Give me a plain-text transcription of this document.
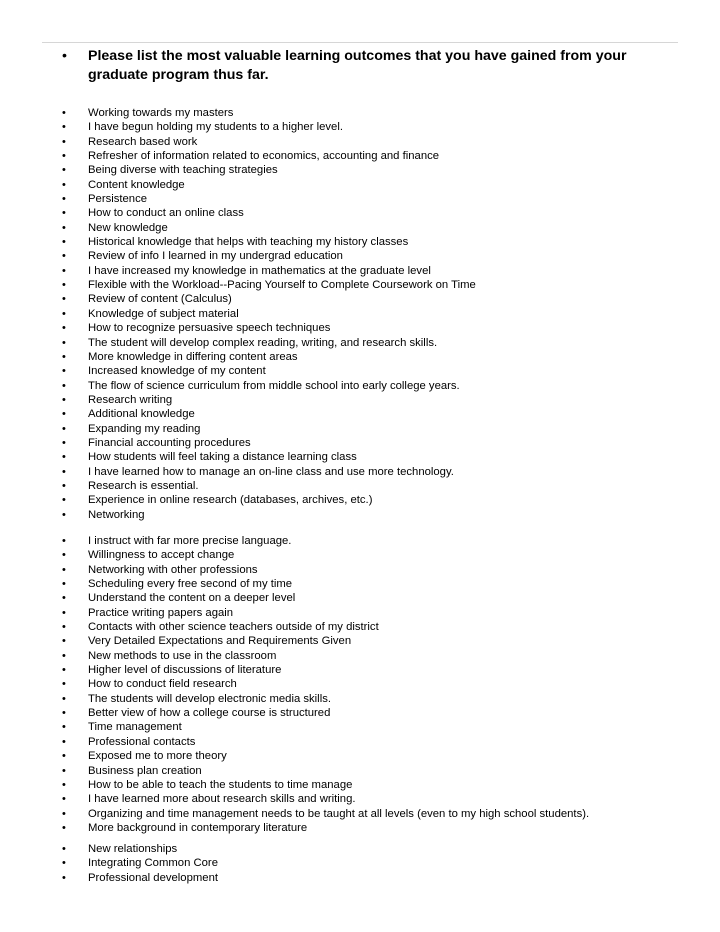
•	Please list the most valuable learning outcomes that you have gained from your graduate program thus far.
•	Working towards my masters
•	I have begun holding my students to a higher level.
•	Research based work
•	Refresher of information related to economics, accounting and finance
•	Being diverse with teaching strategies
•	Content knowledge
•	Persistence
•	How to conduct an online class
•	New knowledge
•	Historical knowledge that helps with teaching my history classes
•	Review of info I learned in my undergrad education
•	I have increased my knowledge in mathematics at the graduate level
•	Flexible with the Workload--Pacing Yourself to Complete Coursework on Time
•	Review of content (Calculus)
•	Knowledge of subject material
•	How to recognize persuasive speech techniques
•	The student will develop complex reading, writing, and research skills.
•	More knowledge in differing content areas
•	Increased knowledge of my content
•	The flow of science curriculum from middle school into early college years.
•	Research writing
•	Additional knowledge
•	Expanding my reading
•	Financial accounting procedures
•	How students will feel taking a distance learning class
•	I have learned how to manage an on-line class and use more technology.
•	Research is essential.
•	Experience in online research (databases, archives, etc.)
•	Networking
•	I instruct with far more precise language.
•	Willingness to accept change
•	Networking with other professions
•	Scheduling every free second of my time
•	Understand the content on a deeper level
•	Practice writing papers again
•	Contacts with other science teachers outside of my district
•	Very Detailed Expectations and Requirements Given
•	New methods to use in the classroom
•	Higher level of discussions of literature
•	How to conduct field research
•	The students will develop electronic media skills.
•	Better view of how a college course is structured
•	Time management
•	Professional contacts
•	Exposed me to more theory
•	Business plan creation
•	How to be able to teach the students to time manage
•	I have learned more about research skills and writing.
•	Organizing and time management needs to be taught at all levels (even to my high school students).
•	More background in contemporary literature
•	New relationships
•	Integrating Common Core
•	Professional development
